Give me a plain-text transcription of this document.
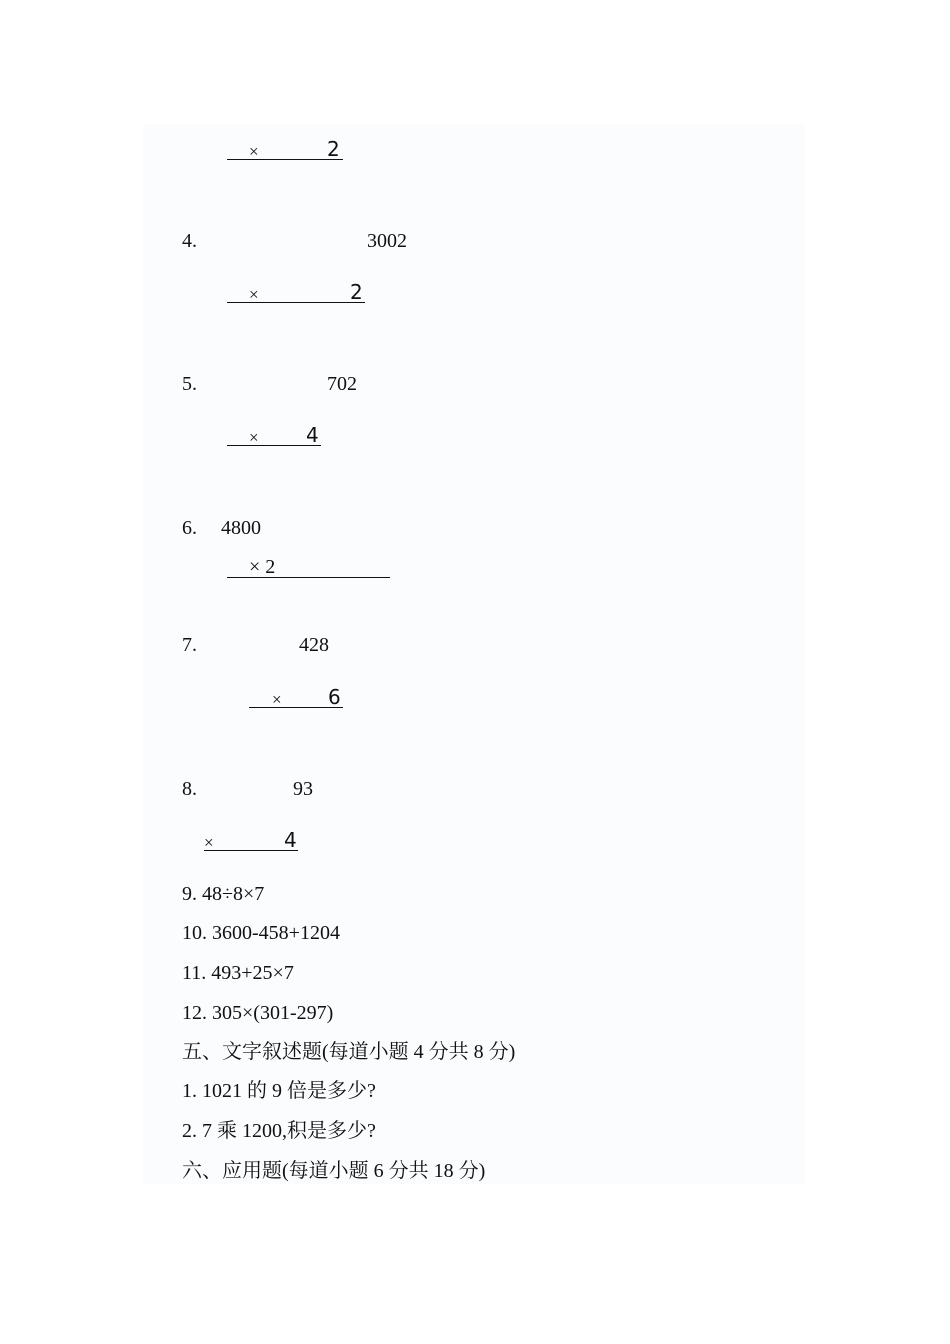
×	2
4.	3002
×	2
5.	702
× 4
6. 4800
× 2
7.	428
× 6
8.	93
×	4
9. 48÷8×7
10. 3600-458+1204
11. 493+25×7
12. 305×(301-297)
五、文字叙述题(每道小题 4 分共 8 分)
1. 1021 的 9 倍是多少?
2. 7 乘 1200,积是多少?
六、应用题(每道小题 6 分共 18 分)
